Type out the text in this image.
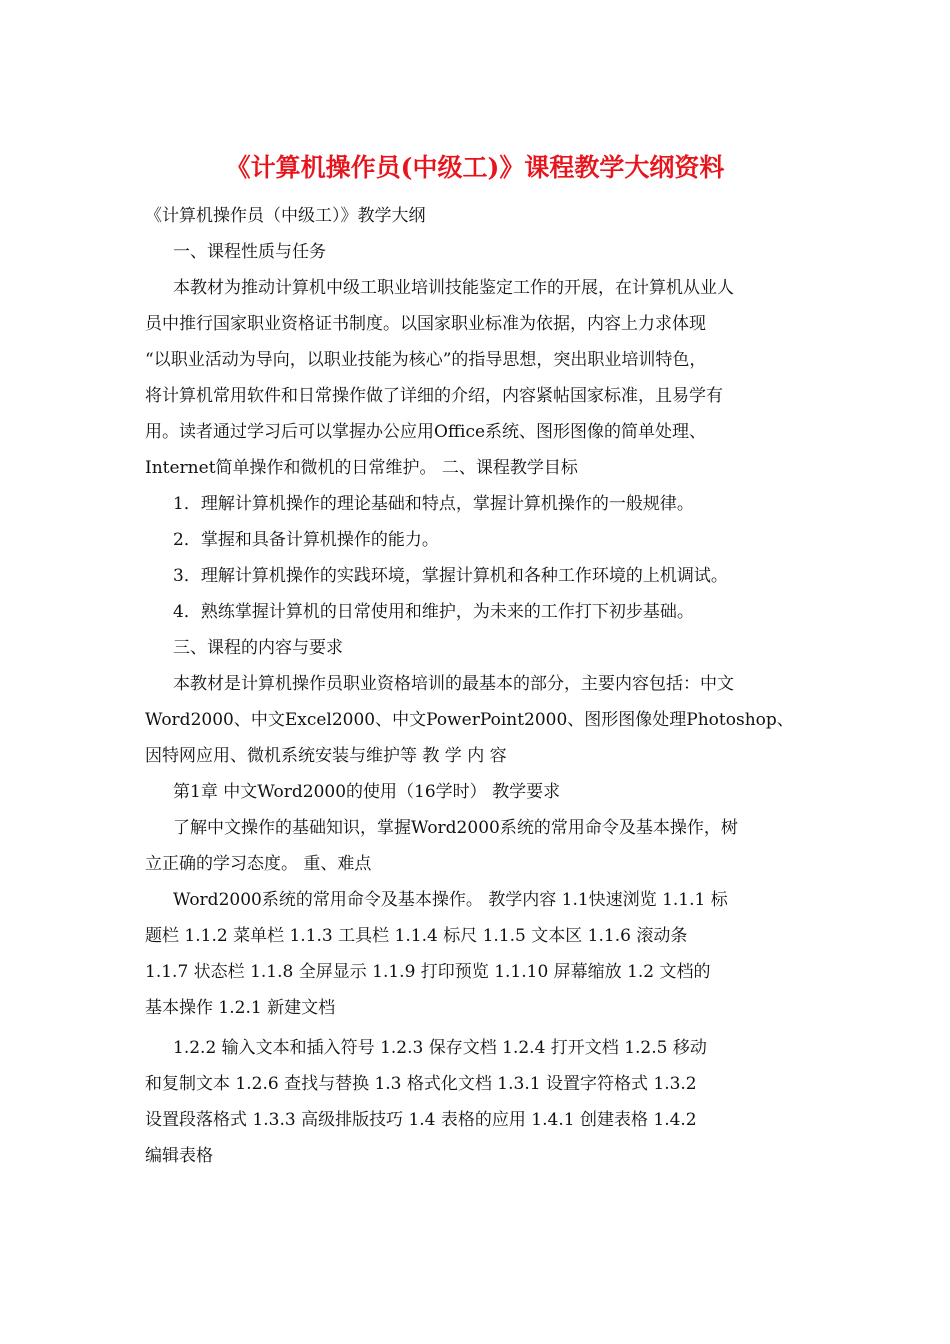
《计算机操作员(中级工)》课程教学大纲资料
《计算机操作员（中级工）》教学大纲
一、课程性质与任务
本教材为推动计算机中级工职业培训技能鉴定工作的开展，在计算机从业人
员中推行国家职业资格证书制度。以国家职业标准为依据，内容上力求体现
“以职业活动为导向，以职业技能为核心”的指导思想，突出职业培训特色，
将计算机常用软件和日常操作做了详细的介绍，内容紧帖国家标准，且易学有
用。读者通过学习后可以掌握办公应用Office系统、图形图像的简单处理、
Internet简单操作和微机的日常维护。 二、课程教学目标
1．理解计算机操作的理论基础和特点，掌握计算机操作的一般规律。
2．掌握和具备计算机操作的能力。
3．理解计算机操作的实践环境，掌握计算机和各种工作环境的上机调试。
4．熟练掌握计算机的日常使用和维护，为未来的工作打下初步基础。
三、课程的内容与要求
本教材是计算机操作员职业资格培训的最基本的部分，主要内容包括：中文
Word2000、中文Excel2000、中文PowerPoint2000、图形图像处理Photoshop、
因特网应用、微机系统安装与维护等 教 学 内 容
第1章 中文Word2000的使用（16学时） 教学要求
了解中文操作的基础知识，掌握Word2000系统的常用命令及基本操作，树
立正确的学习态度。 重、难点
Word2000系统的常用命令及基本操作。 教学内容 1.1快速浏览 1.1.1 标
题栏 1.1.2 菜单栏 1.1.3 工具栏 1.1.4 标尺 1.1.5 文本区 1.1.6 滚动条
1.1.7 状态栏 1.1.8 全屏显示 1.1.9 打印预览 1.1.10 屏幕缩放 1.2 文档的
基本操作 1.2.1 新建文档
1.2.2 输入文本和插入符号 1.2.3 保存文档 1.2.4 打开文档 1.2.5 移动
和复制文本 1.2.6 查找与替换 1.3 格式化文档 1.3.1 设置字符格式 1.3.2
设置段落格式 1.3.3 高级排版技巧 1.4 表格的应用 1.4.1 创建表格 1.4.2
编辑表格
